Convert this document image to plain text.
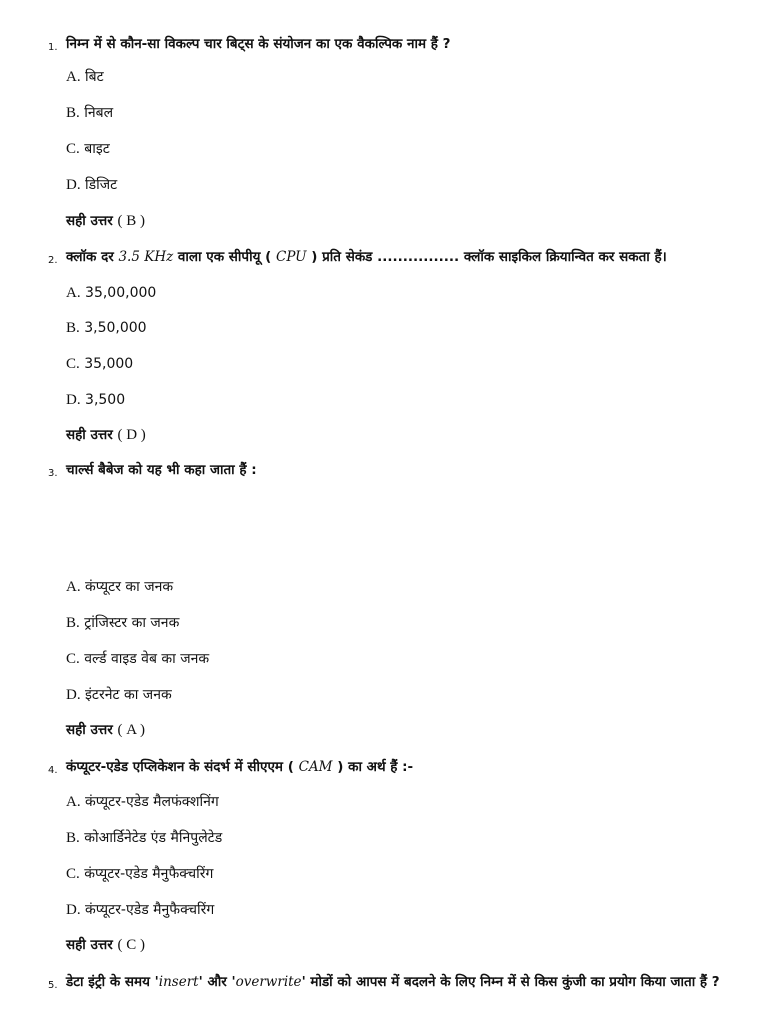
1. निम्न में से कौन-सा विकल्प चार बिट्स के संयोजन का एक वैकल्पिक नाम हैं ?
A. बिट
B. निबल
C. बाइट
D. डिजिट
सही उत्तर ( B )
2. क्लॉक दर 3.5 KHz वाला एक सीपीयू ( CPU ) प्रति सेकंड ................ क्लॉक साइकिल क्रियान्वित कर सकता हैं।
A. 35,00,000
B. 3,50,000
C. 35,000
D. 3,500
सही उत्तर ( D )
3. चार्ल्स बैबेज को यह भी कहा जाता हैं :
A. कंप्यूटर का जनक
B. ट्रांजिस्टर का जनक
C. वर्ल्ड वाइड वेब का जनक
D. इंटरनेट का जनक
सही उत्तर ( A )
4. कंप्यूटर-एडेड एप्लिकेशन के संदर्भ में सीएएम ( CAM ) का अर्थ हैं :-
A. कंप्यूटर-एडेड मैलफंक्शनिंग
B. कोआर्डिनेटेड एंड मैनिपुलेटेड
C. कंप्यूटर-एडेड मैनुफैक्चरिंग
D. कंप्यूटर-एडेड मैनुफैक्चरिंग
सही उत्तर ( C )
5. डेटा इंट्री के समय 'insert' और 'overwrite' मोडों को आपस में बदलने के लिए निम्न में से किस कुंजी का प्रयोग किया जाता हैं ?
